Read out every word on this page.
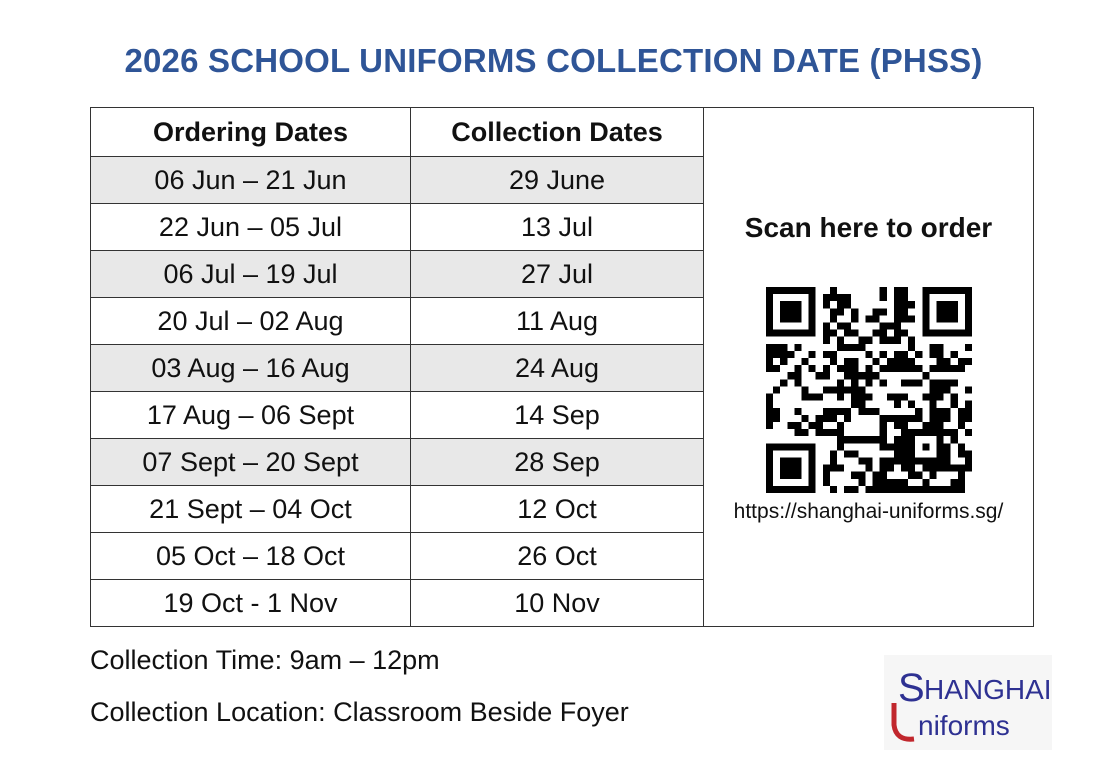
2026 SCHOOL UNIFORMS COLLECTION DATE (PHSS)
Ordering Dates	Collection Dates	Scan here to order
https://shanghai-uniforms.sg/

06 Jun – 21 Jun	29 June	
22 Jun – 05 Jul	13 Jul	
06 Jul – 19 Jul	27 Jul	
20 Jul – 02 Aug	11 Aug	
03 Aug – 16 Aug	24 Aug	
17 Aug – 06 Sept	14 Sep	
07 Sept – 20 Sept	28 Sep	
21 Sept – 04 Oct	12 Oct	
05 Oct – 18 Oct	26 Oct	
19 Oct - 1 Nov	10 Nov	
Collection Time: 9am – 12pm
Collection Location: Classroom Beside Foyer
S HANGHAI
niforms
